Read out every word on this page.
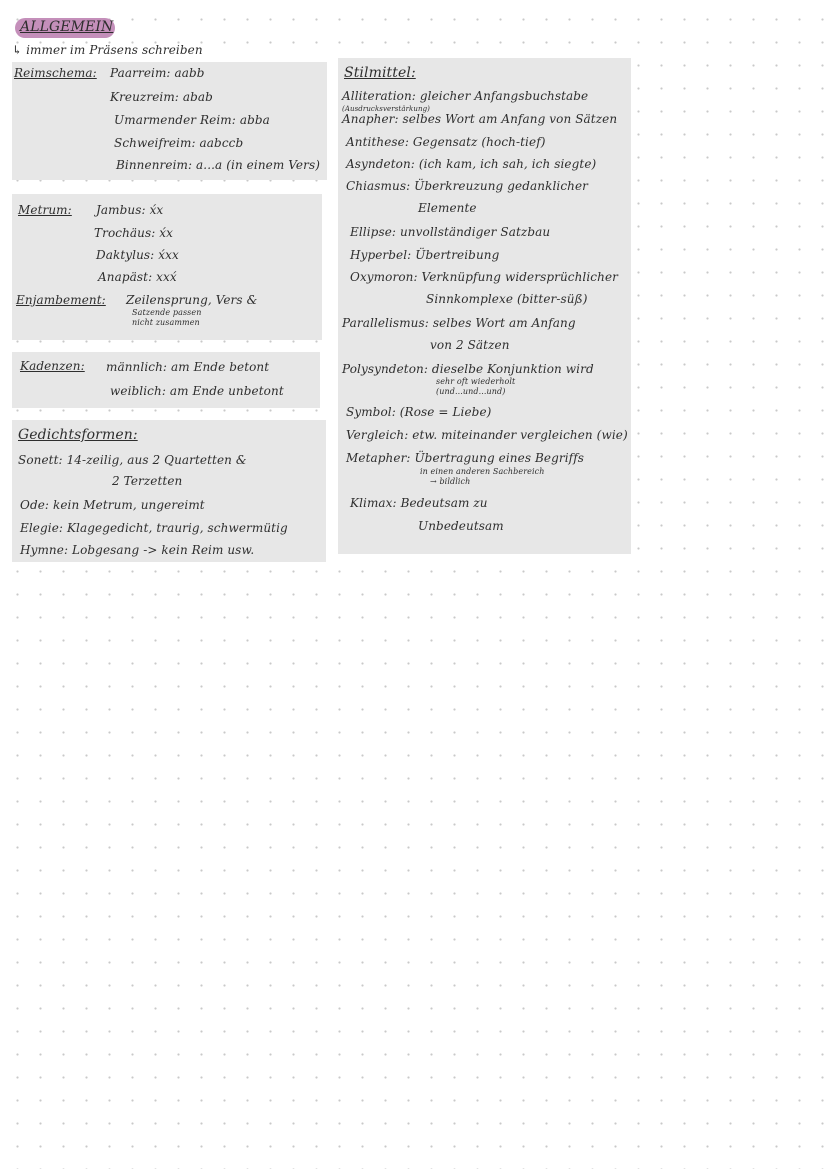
ALLGEMEIN
↳ immer im Präsens schreiben
Reimschema: Paarreim: aabb
Kreuzreim: abab
Umarmender Reim: abba
Schweifreim: aabccb
Binnenreim: a...a (in einem Vers)
Metrum: Jambus: x́x
Trochäus: x́x
Daktylus: x́xx
Anapäst: xxx́
Enjambement: Zeilensprung, Vers &
Satzende passen
nicht zusammen
Kadenzen: männlich: am Ende betont
weiblich: am Ende unbetont
Gedichtsformen:
Sonett: 14-zeilig, aus 2 Quartetten &
2 Terzetten
Ode: kein Metrum, ungereimt
Elegie: Klagegedicht, traurig, schwermütig
Hymne: Lobgesang -> kein Reim usw.
Stilmittel:
Alliteration: gleicher Anfangsbuchstabe
(Ausdrucksverstärkung)
Anapher: selbes Wort am Anfang von Sätzen
Antithese: Gegensatz (hoch-tief)
Asyndeton: (ich kam, ich sah, ich siegte)
Chiasmus: Überkreuzung gedanklicher
Elemente
Ellipse: unvollständiger Satzbau
Hyperbel: Übertreibung
Oxymoron: Verknüpfung widersprüchlicher
Sinnkomplexe (bitter-süß)
Parallelismus: selbes Wort am Anfang
von 2 Sätzen
Polysyndeton: dieselbe Konjunktion wird
sehr oft wiederholt
(und...und...und)
Symbol: (Rose = Liebe)
Vergleich: etw. miteinander vergleichen (wie)
Metapher: Übertragung eines Begriffs
in einen anderen Sachbereich
→ bildlich
Klimax: Bedeutsam zu
Unbedeutsam
